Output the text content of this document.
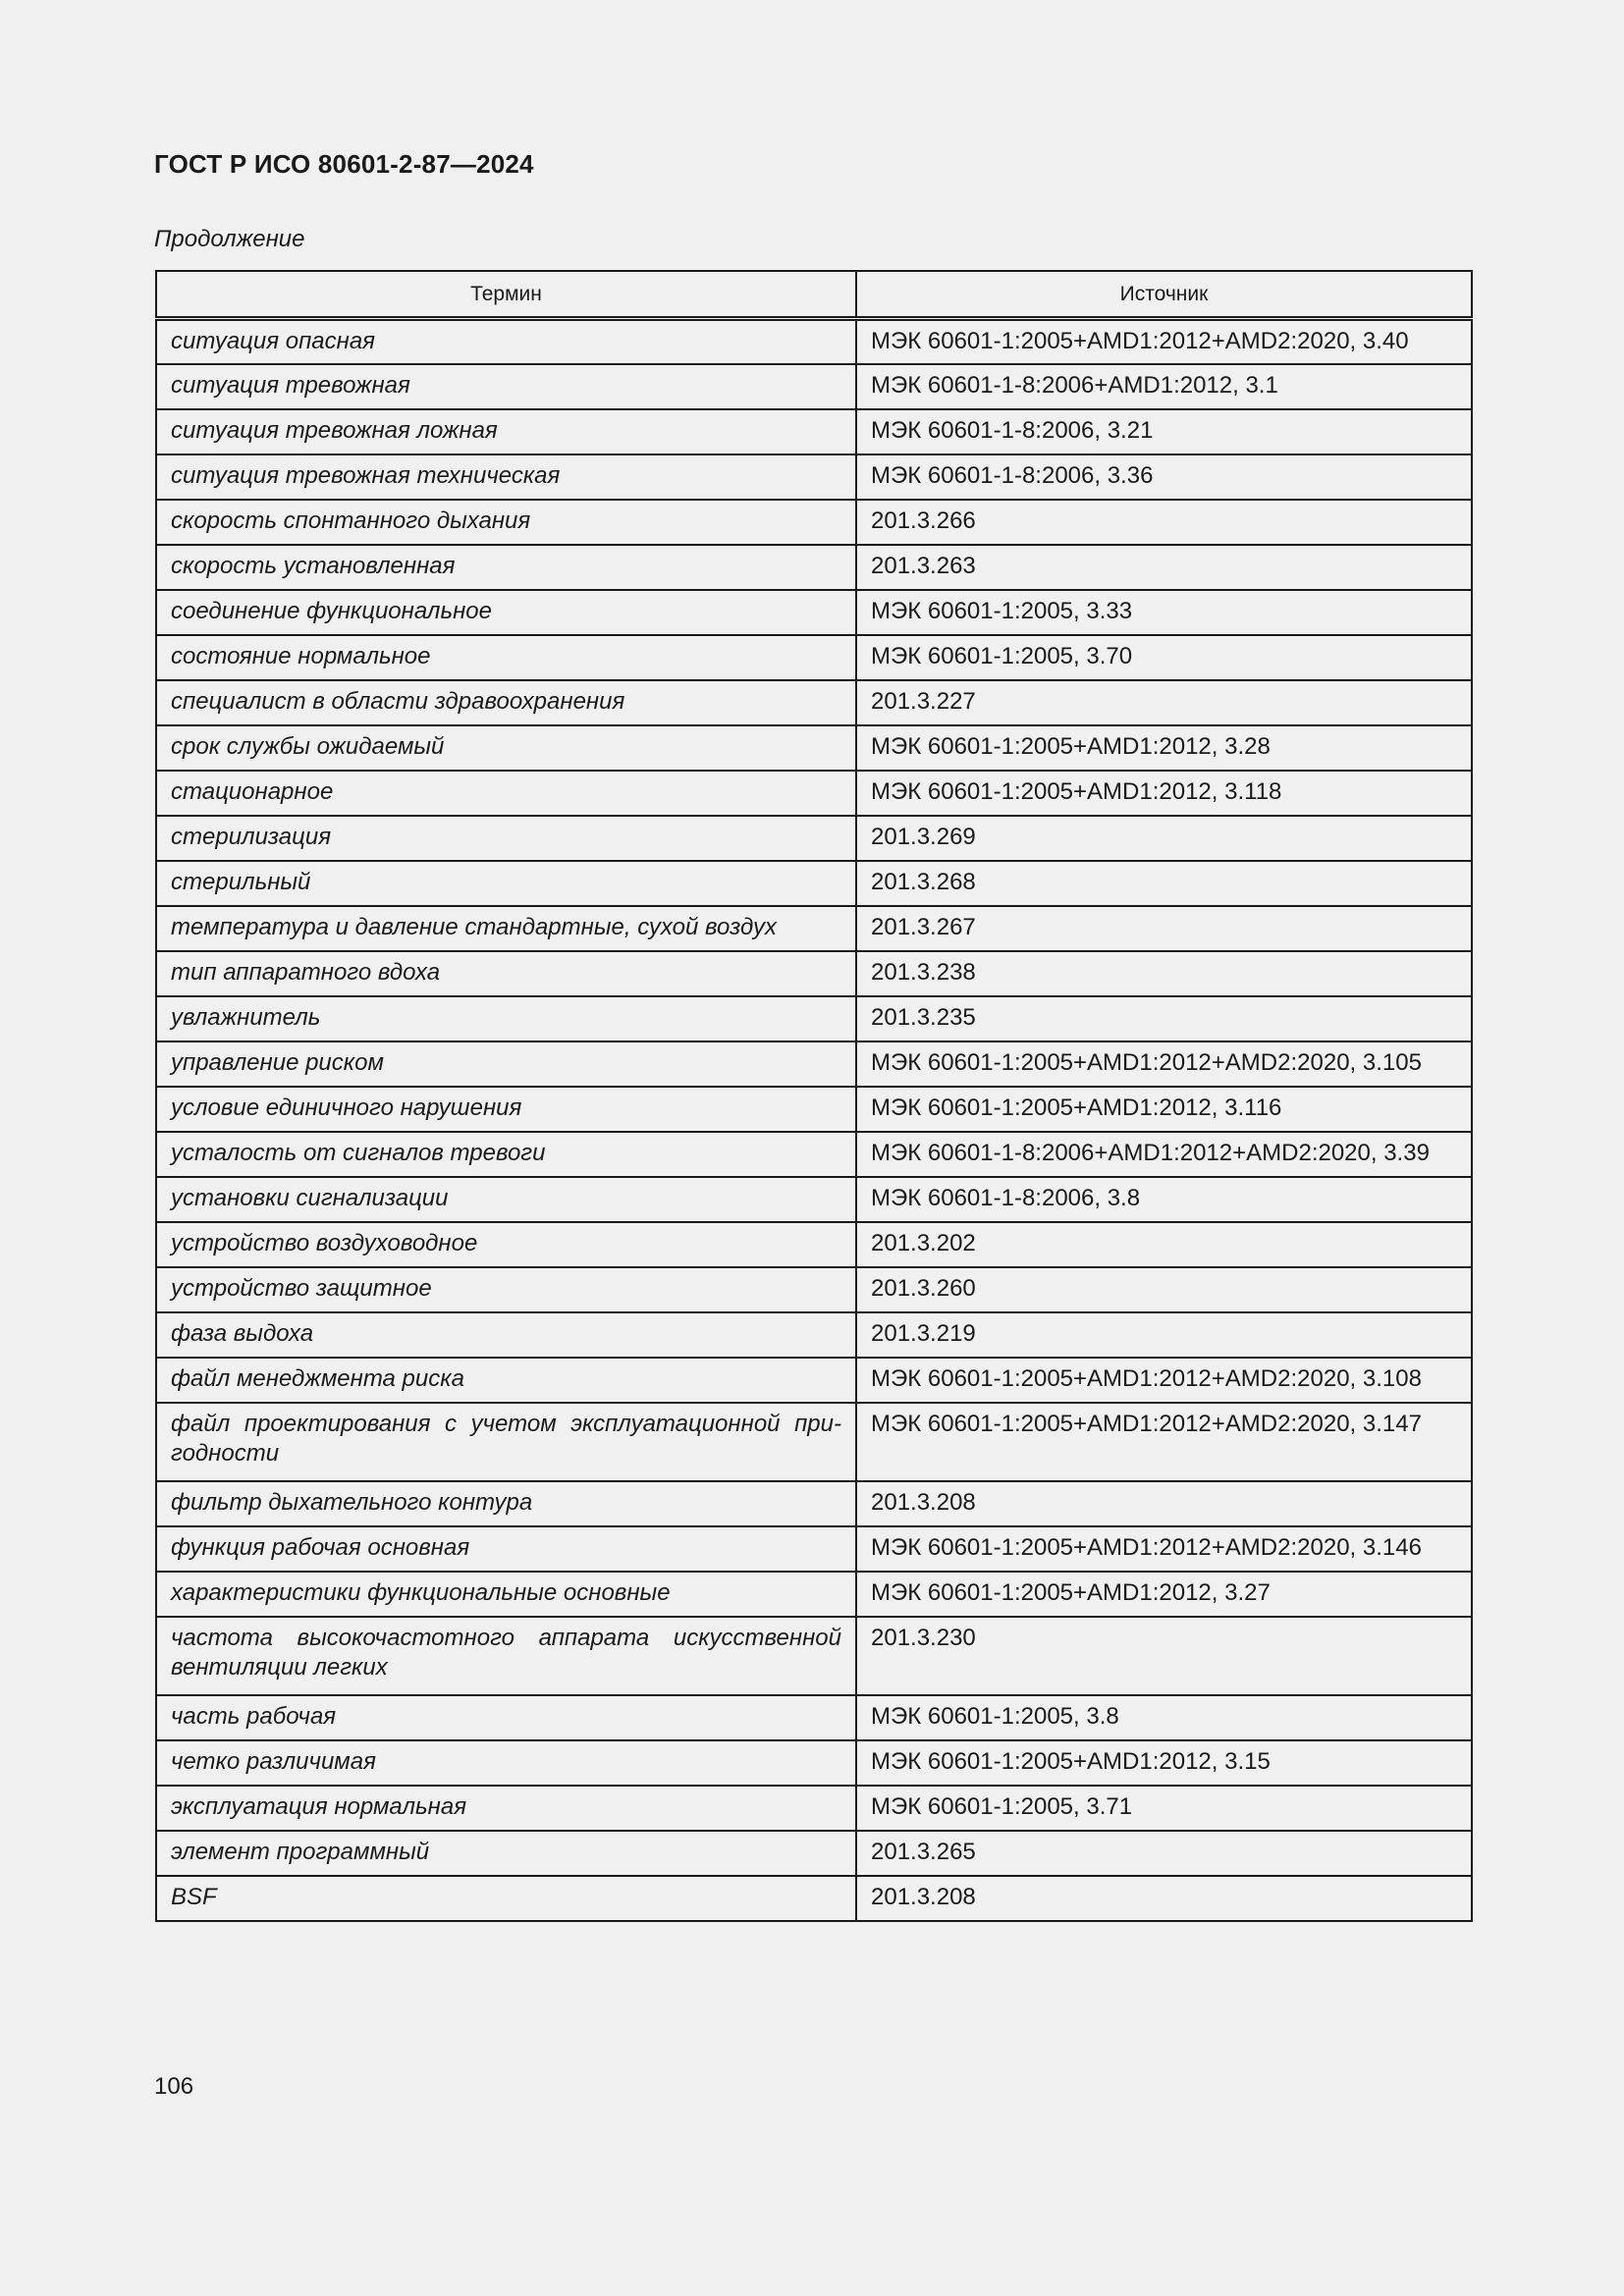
ГОСТ Р ИСО 80601-2-87—2024
Продолжение
Термин	Источник
ситуация опасная	МЭК 60601-1:2005+AMD1:2012+AMD2:2020, 3.40
ситуация тревожная	МЭК 60601-1-8:2006+AMD1:2012, 3.1
ситуация тревожная ложная	МЭК 60601-1-8:2006, 3.21
ситуация тревожная техническая	МЭК 60601-1-8:2006, 3.36
скорость спонтанного дыхания	201.3.266
скорость установленная	201.3.263
соединение функциональное	МЭК 60601-1:2005, 3.33
состояние нормальное	МЭК 60601-1:2005, 3.70
специалист в области здравоохранения	201.3.227
срок службы ожидаемый	МЭК 60601-1:2005+AMD1:2012, 3.28
стационарное	МЭК 60601-1:2005+AMD1:2012, 3.118
стерилизация	201.3.269
стерильный	201.3.268
температура и давление стандартные, сухой воздух	201.3.267
тип аппаратного вдоха	201.3.238
увлажнитель	201.3.235
управление риском	МЭК 60601-1:2005+AMD1:2012+AMD2:2020, 3.105
условие единичного нарушения	МЭК 60601-1:2005+AMD1:2012, 3.116
усталость от сигналов тревоги	МЭК 60601-1-8:2006+AMD1:2012+AMD2:2020, 3.39
установки сигнализации	МЭК 60601-1-8:2006, 3.8
устройство воздуховодное	201.3.202
устройство защитное	201.3.260
фаза выдоха	201.3.219
файл менеджмента риска	МЭК 60601-1:2005+AMD1:2012+AMD2:2020, 3.108
файл проектирования с учетом эксплуатационной при-годности	МЭК 60601-1:2005+AMD1:2012+AMD2:2020, 3.147
фильтр дыхательного контура	201.3.208
функция рабочая основная	МЭК 60601-1:2005+AMD1:2012+AMD2:2020, 3.146
характеристики функциональные основные	МЭК 60601-1:2005+AMD1:2012, 3.27
частота высокочастотного аппарата искусственной вентиляции легких	201.3.230
часть рабочая	МЭК 60601-1:2005, 3.8
четко различимая	МЭК 60601-1:2005+AMD1:2012, 3.15
эксплуатация нормальная	МЭК 60601-1:2005, 3.71
элемент программный	201.3.265
BSF	201.3.208
106
